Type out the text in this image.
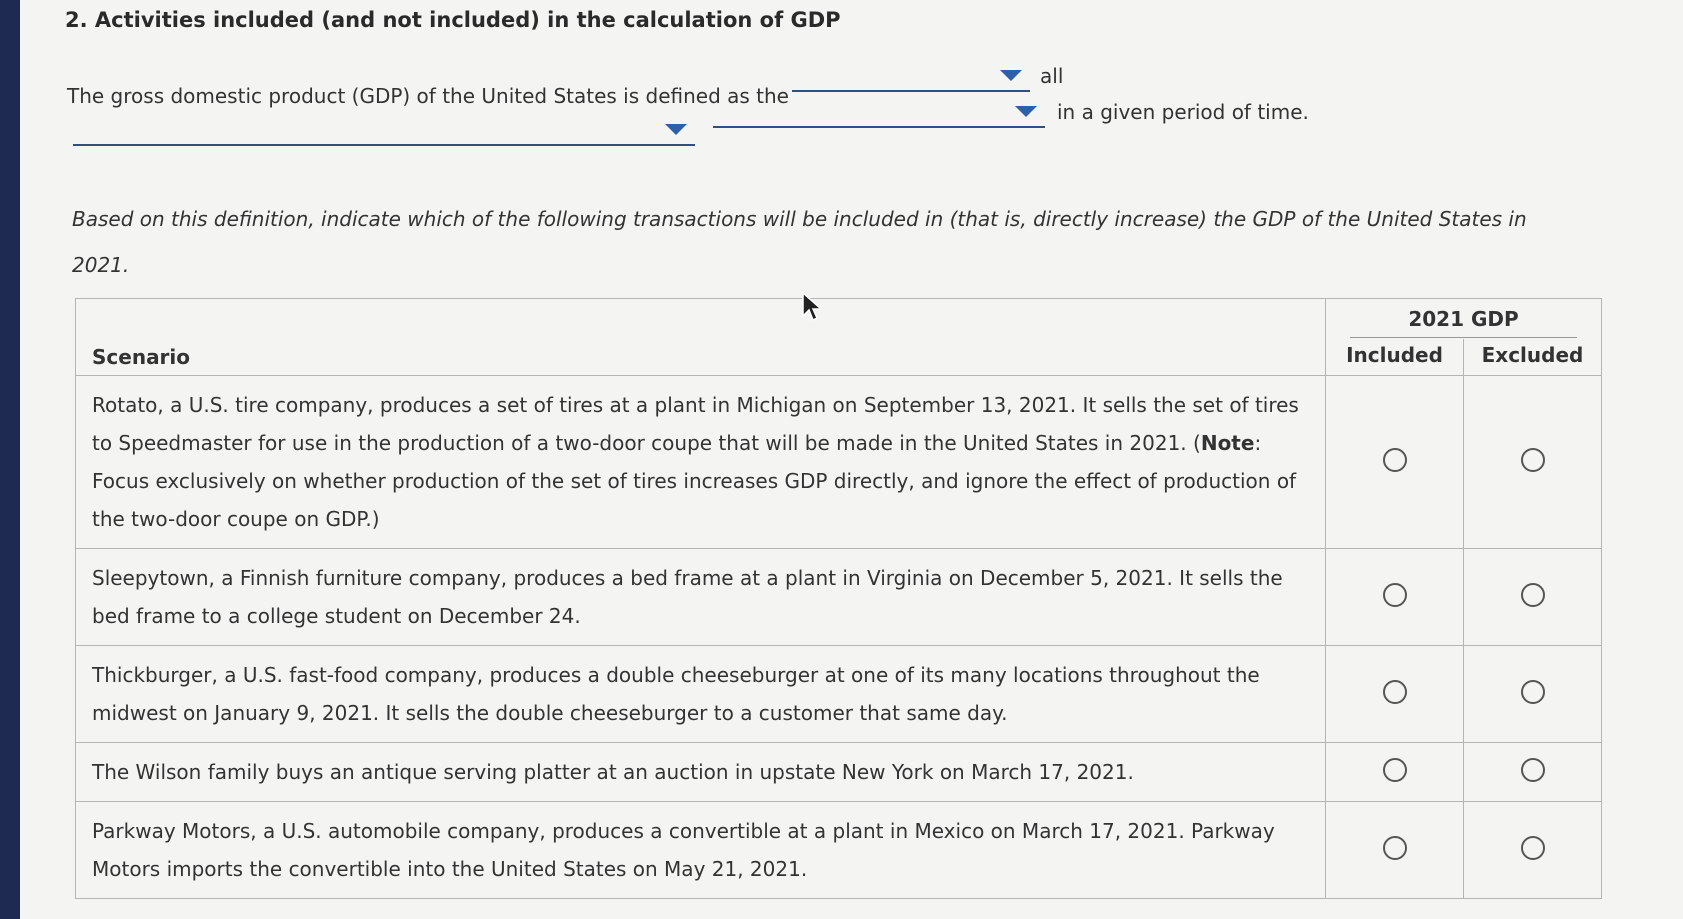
2. Activities included (and not included) in the calculation of GDP
The gross domestic product (GDP) of the United States is defined as the
all
in a given period of time.
Based on this definition, indicate which of the following transactions will be included in (that is, directly increase) the GDP of the United States in 2021.
Scenario	2021 GDP	
	Included	Excluded
Rotato, a U.S. tire company, produces a set of tires at a plant in Michigan on September 13, 2021. It sells the set of tires to Speedmaster for use in the production of a two-door coupe that will be made in the United States in 2021. (Note: Focus exclusively on whether production of the set of tires increases GDP directly, and ignore the effect of production of the two-door coupe on GDP.)		
Sleepytown, a Finnish furniture company, produces a bed frame at a plant in Virginia on December 5, 2021. It sells the bed frame to a college student on December 24.		
Thickburger, a U.S. fast-food company, produces a double cheeseburger at one of its many locations throughout the midwest on January 9, 2021. It sells the double cheeseburger to a customer that same day.		
The Wilson family buys an antique serving platter at an auction in upstate New York on March 17, 2021.		
Parkway Motors, a U.S. automobile company, produces a convertible at a plant in Mexico on March 17, 2021. Parkway Motors imports the convertible into the United States on May 21, 2021.		
